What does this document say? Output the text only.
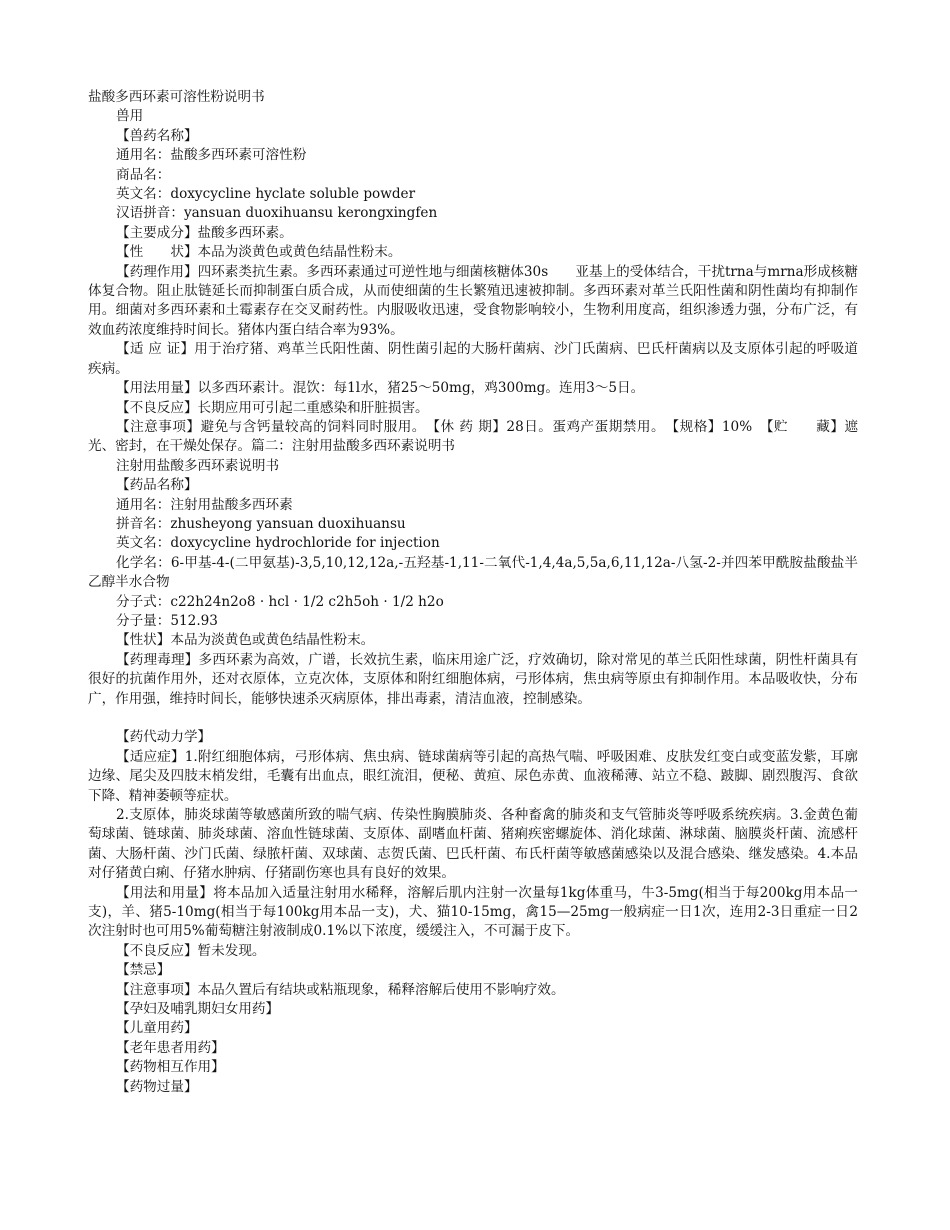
盐酸多西环素可溶性粉说明书

兽用

【兽药名称】

通用名：盐酸多西环素可溶性粉

商品名：

英文名：doxycycline hyclate soluble powder

汉语拼音：yansuan duoxihuansu kerongxingfen

【主要成分】盐酸多西环素。

【性　　状】本品为淡黄色或黄色结晶性粉末。

【药理作用】四环素类抗生素。多西环素通过可逆性地与细菌核糖体30s　　亚基上的受体结合，干扰trna与mrna形成核糖体复合物。阻止肽链延长而抑制蛋白质合成，从而使细菌的生长繁殖迅速被抑制。多西环素对革兰氏阳性菌和阴性菌均有抑制作用。细菌对多西环素和土霉素存在交叉耐药性。内服吸收迅速，受食物影响较小，生物利用度高，组织渗透力强，分布广泛，有效血药浓度维持时间长。猪体内蛋白结合率为93%。

【适 应 证】用于治疗猪、鸡革兰氏阳性菌、阴性菌引起的大肠杆菌病、沙门氏菌病、巴氏杆菌病以及支原体引起的呼吸道疾病。

【用法用量】以多西环素计。混饮：每1l水，猪25～50mg，鸡300mg。连用3～5日。

【不良反应】长期应用可引起二重感染和肝脏损害。

【注意事项】避免与含钙量较高的饲料同时服用。　【休 药 期】28日。蛋鸡产蛋期禁用。　【规格】10%　【贮　　藏】遮光、密封，在干燥处保存。篇二：注射用盐酸多西环素说明书

注射用盐酸多西环素说明书

【药品名称】

通用名：注射用盐酸多西环素

拼音名：zhusheyong yansuan duoxihuansu

英文名：doxycycline hydrochloride for injection

化学名：6-甲基-4-(二甲氨基)-3,5,10,12,12a,-五羟基-1,11-二氧代-1,4,4a,5,5a,6,11,12a-八氢-2-并四苯甲酰胺盐酸盐半乙醇半水合物

分子式：c22h24n2o8 · hcl · 1/2 c2h5oh · 1/2 h2o

分子量：512.93

【性状】本品为淡黄色或黄色结晶性粉末。

【药理毒理】多西环素为高效，广谱，长效抗生素，临床用途广泛，疗效确切，除对常见的革兰氏阳性球菌，阴性杆菌具有很好的抗菌作用外，还对衣原体，立克次体，支原体和附红细胞体病，弓形体病，焦虫病等原虫有抑制作用。本品吸收快，分布广，作用强，维持时间长，能够快速杀灭病原体，排出毒素，清洁血液，控制感染。

【药代动力学】

【适应症】1.附红细胞体病，弓形体病、焦虫病、链球菌病等引起的高热气喘、呼吸困难、皮肤发红变白或变蓝发紫，耳廓边缘、尾尖及四肢末梢发绀，毛囊有出血点，眼红流泪，便秘、黄疸、尿色赤黄、血液稀薄、站立不稳、跛脚、剧烈腹泻、食欲下降、精神萎顿等症状。

2.支原体，肺炎球菌等敏感菌所致的喘气病、传染性胸膜肺炎、各种畜禽的肺炎和支气管肺炎等呼吸系统疾病。3.金黄色葡萄球菌、链球菌、肺炎球菌、溶血性链球菌、支原体、副嗜血杆菌、猪痢疾密螺旋体、消化球菌、淋球菌、脑膜炎杆菌、流感杆菌、大肠杆菌、沙门氏菌、绿脓杆菌、双球菌、志贺氏菌、巴氏杆菌、布氏杆菌等敏感菌感染以及混合感染、继发感染。4.本品对仔猪黄白痢、仔猪水肿病、仔猪副伤寒也具有良好的效果。

【用法和用量】将本品加入适量注射用水稀释，溶解后肌内注射一次量每1kg体重马，牛3-5mg(相当于每200kg用本品一支)，羊、猪5-10mg(相当于每100kg用本品一支)，犬、猫10-15mg，禽15—25mg一般病症一日1次，连用2-3日重症一日2次注射时也可用5%葡萄糖注射液制成0.1%以下浓度，缓缓注入，不可漏于皮下。

【不良反应】暂未发现。

【禁忌】

【注意事项】本品久置后有结块或粘瓶现象，稀释溶解后使用不影响疗效。

【孕妇及哺乳期妇女用药】

【儿童用药】

【老年患者用药】

【药物相互作用】

【药物过量】
